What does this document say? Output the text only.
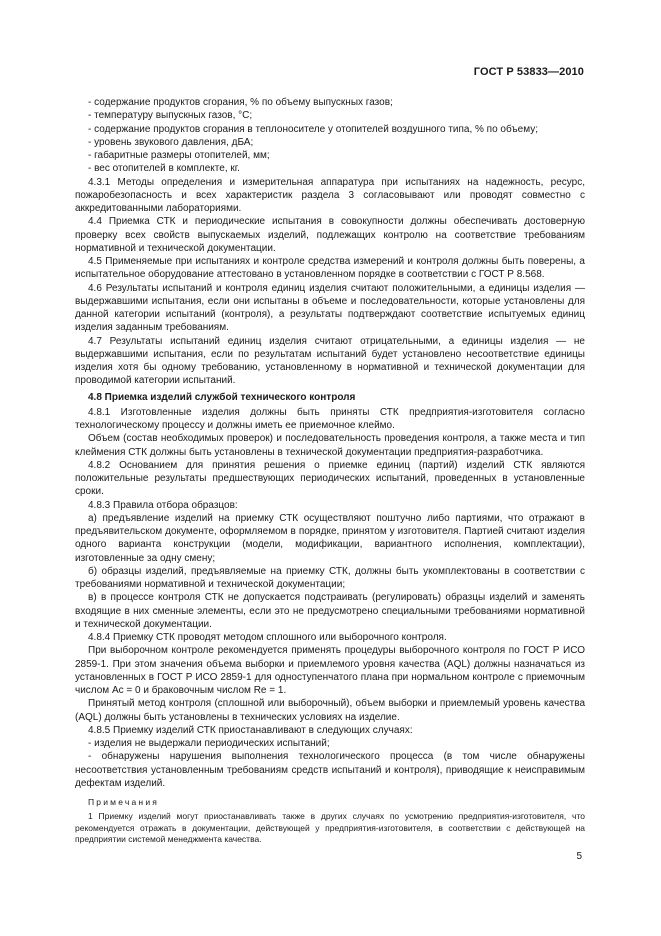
ГОСТ Р 53833—2010

- содержание продуктов сгорания, % по объему выпускных газов;

- температуру выпускных газов, °С;

- содержание продуктов сгорания в теплоносителе у отопителей воздушного типа, % по объему;

- уровень звукового давления, дБА;

- габаритные размеры отопителей, мм;

- вес отопителей в комплекте, кг.

4.3.1 Методы определения и измерительная аппаратура при испытаниях на надежность, ресурс, пожаробезопасность и всех характеристик раздела 3 согласовывают или проводят совместно с аккредитованными лабораториями.

4.4 Приемка СТК и периодические испытания в совокупности должны обеспечивать достоверную проверку всех свойств выпускаемых изделий, подлежащих контролю на соответствие требованиям нормативной и технической документации.

4.5 Применяемые при испытаниях и контроле средства измерений и контроля должны быть поверены, а испытательное оборудование аттестовано в установленном порядке в соответствии с ГОСТ Р 8.568.

4.6 Результаты испытаний и контроля единиц изделия считают положительными, а единицы изделия — выдержавшими испытания, если они испытаны в объеме и последовательности, которые установлены для данной категории испытаний (контроля), а результаты подтверждают соответствие испытуемых единиц изделия заданным требованиям.

4.7 Результаты испытаний единиц изделия считают отрицательными, а единицы изделия — не выдержавшими испытания, если по результатам испытаний будет установлено несоответствие единицы изделия хотя бы одному требованию, установленному в нормативной и технической документации для проводимой категории испытаний.

4.8 Приемка изделий службой технического контроля

4.8.1 Изготовленные изделия должны быть приняты СТК предприятия-изготовителя согласно технологическому процессу и должны иметь ее приемочное клеймо.

Объем (состав необходимых проверок) и последовательность проведения контроля, а также места и тип клеймения СТК должны быть установлены в технической документации предприятия-разработчика.

4.8.2 Основанием для принятия решения о приемке единиц (партий) изделий СТК являются положительные результаты предшествующих периодических испытаний, проведенных в установленные сроки.

4.8.3 Правила отбора образцов:

а) предъявление изделий на приемку СТК осуществляют поштучно либо партиями, что отражают в предъявительском документе, оформляемом в порядке, принятом у изготовителя. Партией считают изделия одного варианта конструкции (модели, модификации, вариантного исполнения, комплектации), изготовленные за одну смену;

б) образцы изделий, предъявляемые на приемку СТК, должны быть укомплектованы в соответствии с требованиями нормативной и технической документации;

в) в процессе контроля СТК не допускается подстраивать (регулировать) образцы изделий и заменять входящие в них сменные элементы, если это не предусмотрено специальными требованиями нормативной и технической документации.

4.8.4 Приемку СТК проводят методом сплошного или выборочного контроля.

При выборочном контроле рекомендуется применять процедуры выборочного контроля по ГОСТ Р ИСО 2859-1. При этом значения объема выборки и приемлемого уровня качества (AQL) должны назначаться из установленных в ГОСТ Р ИСО 2859-1 для одноступенчатого плана при нормальном контроле с приемочным числом Ac = 0 и браковочным числом Re = 1.

Принятый метод контроля (сплошной или выборочный), объем выборки и приемлемый уровень качества (AQL) должны быть установлены в технических условиях на изделие.

4.8.5 Приемку изделий СТК приостанавливают в следующих случаях:

- изделия не выдержали периодических испытаний;

- обнаружены нарушения выполнения технологического процесса (в том числе обнаружены несоответствия установленным требованиям средств испытаний и контроля), приводящие к неисправимым дефектам изделий.

Примечания

1 Приемку изделий могут приостанавливать также в других случаях по усмотрению предприятия-изготовителя, что рекомендуется отражать в документации, действующей у предприятия-изготовителя, в соответствии с действующей на предприятии системой менеджмента качества.

5
